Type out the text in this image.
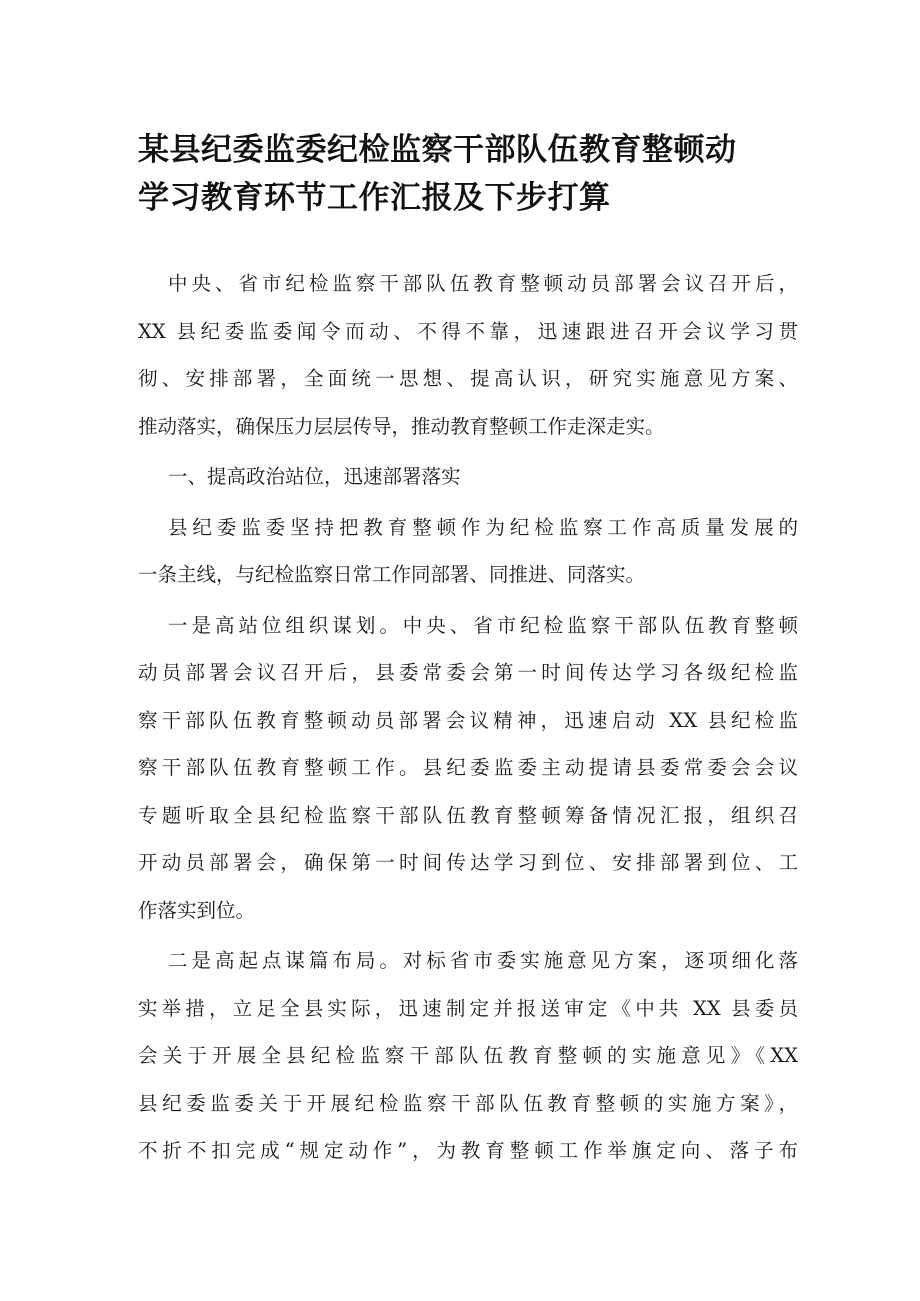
某县纪委监委纪检监察干部队伍教育整顿动
学习教育环节工作汇报及下步打算
中央、省市纪检监察干部队伍教育整顿动员部署会议召开后，
XX 县纪委监委闻令而动、不得不靠，迅速跟进召开会议学习贯
彻、安排部署，全面统一思想、提高认识，研究实施意见方案、
推动落实，确保压力层层传导，推动教育整顿工作走深走实。
一、提高政治站位，迅速部署落实
县纪委监委坚持把教育整顿作为纪检监察工作高质量发展的
一条主线，与纪检监察日常工作同部署、同推进、同落实。
一是高站位组织谋划。中央、省市纪检监察干部队伍教育整顿
动员部署会议召开后，县委常委会第一时间传达学习各级纪检监
察干部队伍教育整顿动员部署会议精神，迅速启动 XX 县纪检监
察干部队伍教育整顿工作。县纪委监委主动提请县委常委会会议
专题听取全县纪检监察干部队伍教育整顿筹备情况汇报，组织召
开动员部署会，确保第一时间传达学习到位、安排部署到位、工
作落实到位。
二是高起点谋篇布局。对标省市委实施意见方案，逐项细化落
实举措，立足全县实际，迅速制定并报送审定《中共 XX 县委员
会关于开展全县纪检监察干部队伍教育整顿的实施意见》《XX
县纪委监委关于开展纪检监察干部队伍教育整顿的实施方案》，
不折不扣完成“规定动作”，为教育整顿工作举旗定向、落子布
